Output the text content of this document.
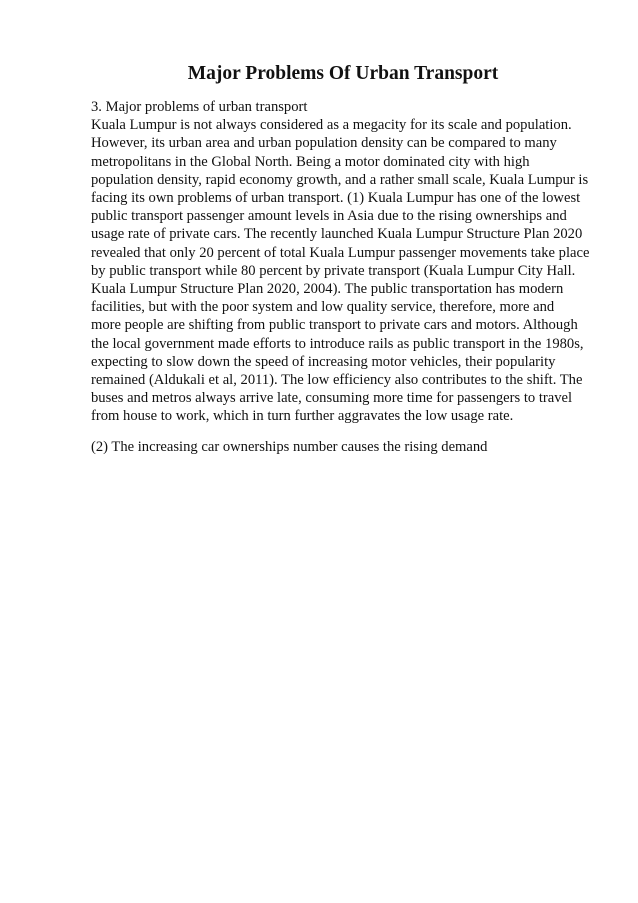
Major Problems Of Urban Transport
3. Major problems of urban transport
Kuala Lumpur is not always considered as a megacity for its scale and population.
However, its urban area and urban population density can be compared to many
metropolitans in the Global North. Being a motor dominated city with high
population density, rapid economy growth, and a rather small scale, Kuala Lumpur is
facing its own problems of urban transport. (1) Kuala Lumpur has one of the lowest
public transport passenger amount levels in Asia due to the rising ownerships and
usage rate of private cars. The recently launched Kuala Lumpur Structure Plan 2020
revealed that only 20 percent of total Kuala Lumpur passenger movements take place
by public transport while 80 percent by private transport (Kuala Lumpur City Hall.
Kuala Lumpur Structure Plan 2020, 2004). The public transportation has modern
facilities, but with the poor system and low quality service, therefore, more and
more people are shifting from public transport to private cars and motors. Although
the local government made efforts to introduce rails as public transport in the 1980s,
expecting to slow down the speed of increasing motor vehicles, their popularity
remained (Aldukali et al, 2011). The low efficiency also contributes to the shift. The
buses and metros always arrive late, consuming more time for passengers to travel
from house to work, which in turn further aggravates the low usage rate.
(2) The increasing car ownerships number causes the rising demand
